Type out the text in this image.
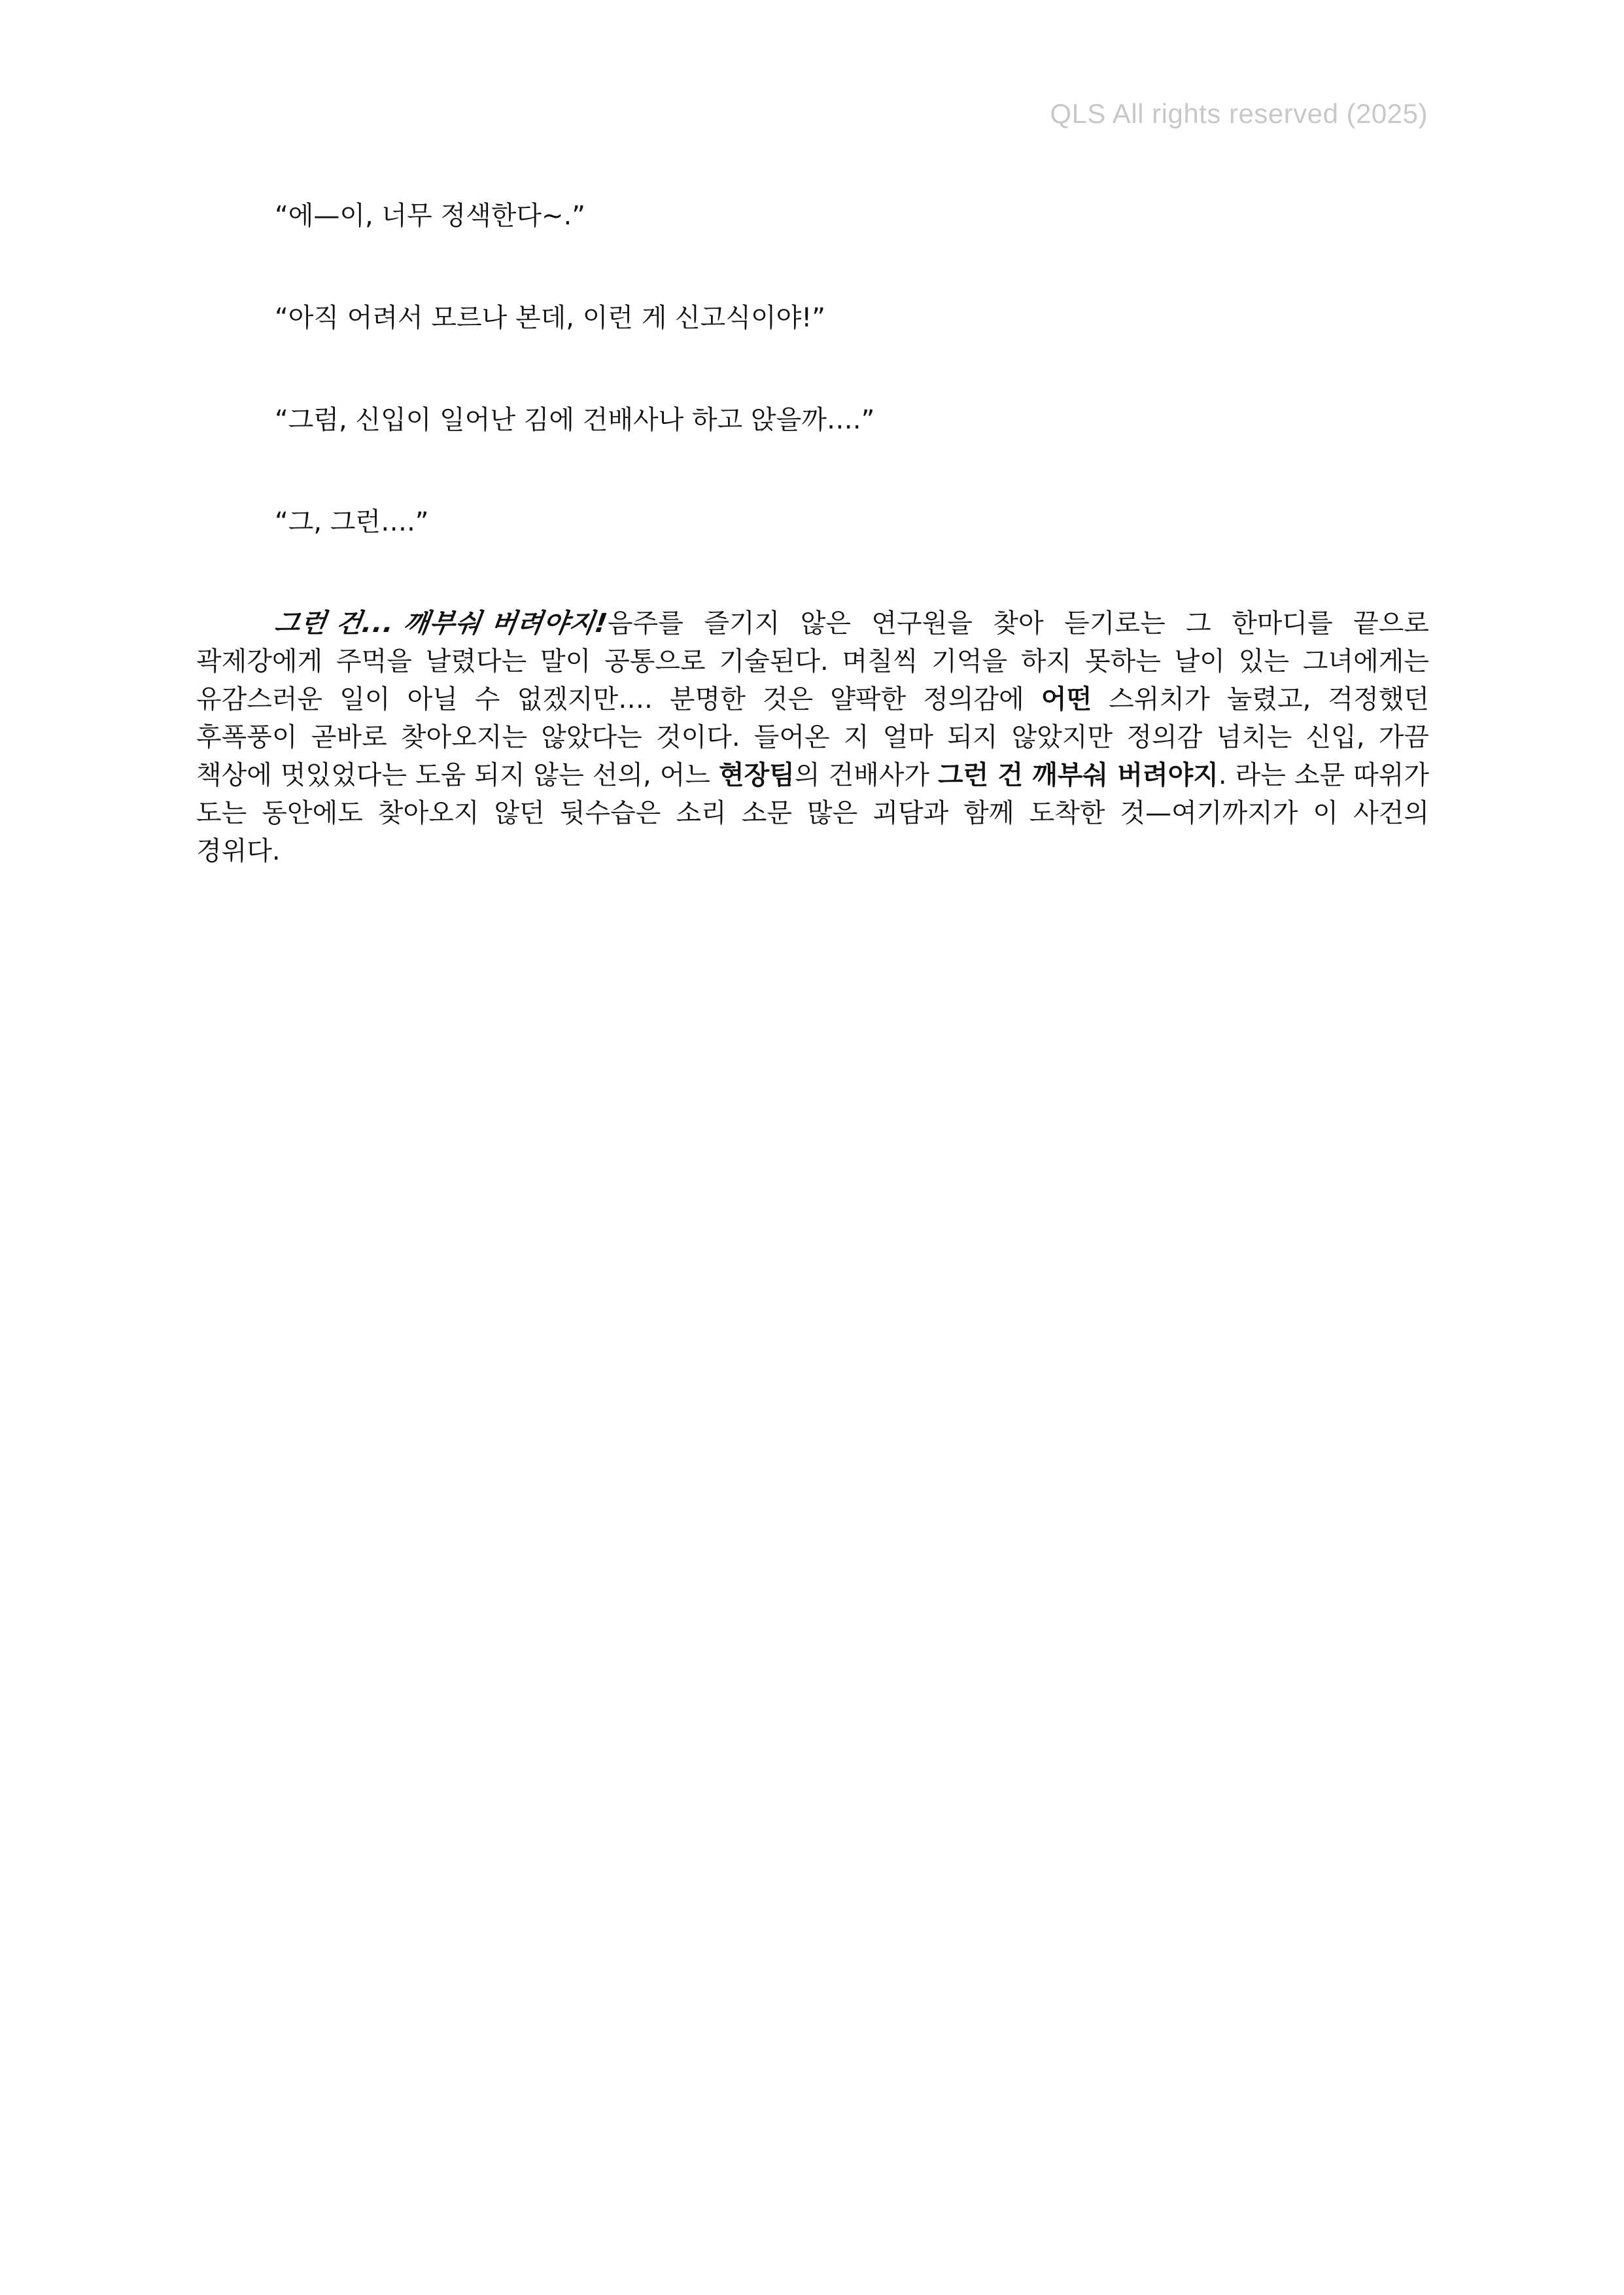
QLS All rights reserved (2025)

“에—이, 너무 정색한다~.”

“아직 어려서 모르나 본데, 이런 게 신고식이야!”

“그럼, 신입이 일어난 김에 건배사나 하고 앉을까….”

“그, 그런….”

그런 건... 깨부숴 버려야지!음주를 즐기지 않은 연구원을 찾아 듣기로는 그 한마디를 끝으로 곽제강에게 주먹을 날렸다는 말이 공통으로 기술된다. 며칠씩 기억을 하지 못하는 날이 있는 그녀에게는 유감스러운 일이 아닐 수 없겠지만…. 분명한 것은 얄팍한 정의감에 어떤 스위치가 눌렸고, 걱정했던 후폭풍이 곧바로 찾아오지는 않았다는 것이다. 들어온 지 얼마 되지 않았지만 정의감 넘치는 신입, 가끔 책상에 멋있었다는 도움 되지 않는 선의, 어느 현장팀의 건배사가 그런 건 깨부숴 버려야지. 라는 소문 따위가 도는 동안에도 찾아오지 않던 뒷수습은 소리 소문 많은 괴담과 함께 도착한 것—여기까지가 이 사건의 경위다.
